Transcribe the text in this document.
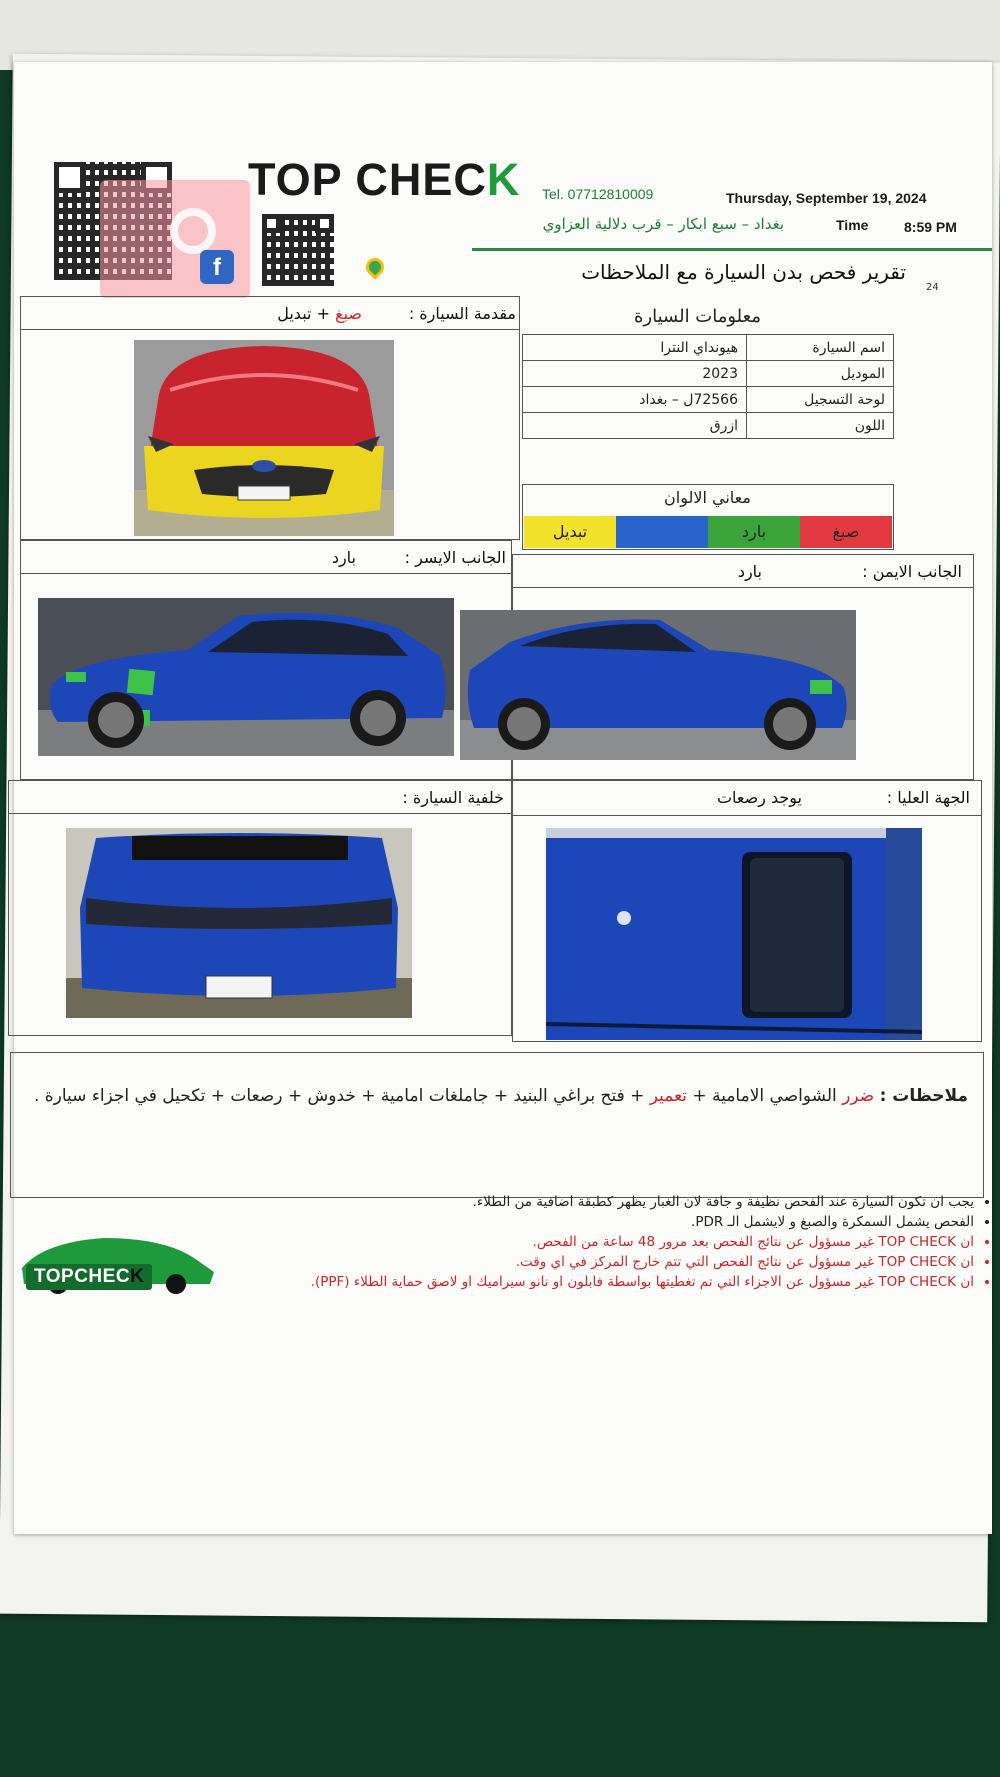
f
TOP CHECK Tel. 07712810009	Thursday, September 19, 2024
بغداد – سبع ابكار – قرب دلالية العزاوي	Time	8:59 PM
تقرير فحص بدن السيارة مع الملاحظات
24
مقدمة السيارة :
صبغ + تبديل
الجانب الايسر :
بارد
الجانب الايمن :
بارد
خلفية السيارة :	الجهة العليا :
يوجد رصعات
معلومات السيارة
اسم السيارة	هيونداي النترا
الموديل	2023
لوحة التسجيل	72566ل – بغداد
اللون	ازرق
معاني الالوان
صبغ
بارد
تبديل
ملاحظات : ضرر الشواصي الامامية + تعمير + فتح براغي البنيد + جاملغات امامية + خدوش + رصعات + تكحيل في اجزاء سيارة .
• يجب ان تكون السيارة عند الفحص نظيفة و جافة لان الغبار يظهر كطبقة اضافية من الطلاء.
• الفحص يشمل السمكرة والصبغ و لايشمل الـ PDR.
• ان TOP CHECK غير مسؤول عن نتائج الفحص بعد مرور 48 ساعة من الفحص.
• ان TOP CHECK غير مسؤول عن نتائج الفحص التي تتم خارج المركز في اي وقت.
• ان TOP CHECK غير مسؤول عن الاجزاء التي تم تغطيتها بواسطة فابلون او نانو سيراميك او لاصق حماية الطلاء (PPF).
TOPCHECK
